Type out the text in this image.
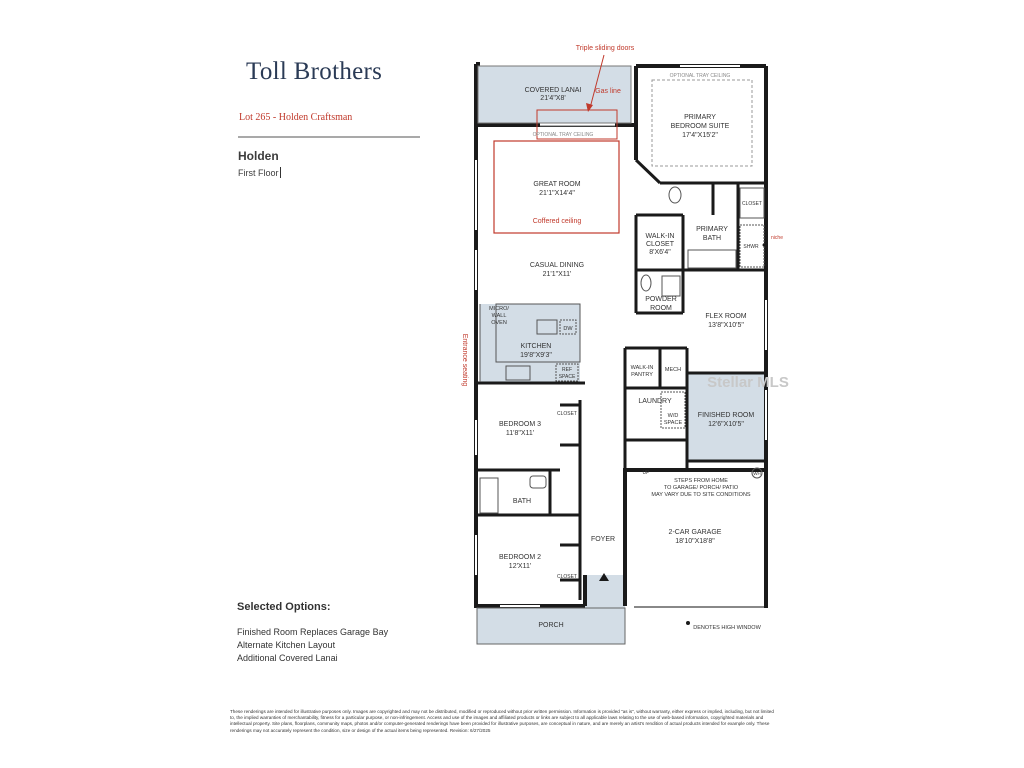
Toll Brothers
Lot 265 - Holden Craftsman
Holden
First Floor
Selected Options:
Finished Room Replaces Garage Bay
Alternate Kitchen Layout
Additional Covered Lanai
These renderings are intended for illustrative purposes only. Images are copyrighted and may not be distributed, modified or reproduced without prior written permission. Information is provided "as is", without warranty, either express or implied, including, but not limited to, the implied warranties of merchantability, fitness for a particular purpose, or non-infringement. Access and use of the images and affiliated products or links are subject to all applicable laws relating to the use of web-based information, copyrighted materials and intellectual property. Site plans, floorplans, community maps, photos and/or computer-generated renderings have been provided for illustrative purposes, are conceptual in nature, and are merely an artist's rendition of actual products intended for example only. These renderings may not accurately represent the condition, size or design of the actual items being represented. Revision: 6/27/2025
Triple sliding doors
Gas line
COVERED LANAI
21'4"X8'
OPTIONAL TRAY CEILING
PRIMARY
BEDROOM SUITE
17'4"X15'2"
OPTIONAL TRAY CEILING
GREAT ROOM
21'1"X14'4"
Coffered ceiling
CLOSET
PRIMARY
BATH
SHWR
niche
WALK-IN
CLOSET
8'X6'4"
CASUAL DINING
21'1"X11'
POWDER
ROOM
MICRO/
WALL
OVEN
DW
KITCHEN
19'8"X9'3"
REF
SPACE
FLEX ROOM
13'8"X10'5"
WALK-IN
PANTRY
MECH
LAUNDRY
W/D
SPACE
FINISHED ROOM
12'6"X10'5"
BEDROOM 3
11'8"X11'
CLOSET
UP	WH
STEPS FROM HOME
TO GARAGE/ PORCH/ PATIO
MAY VARY DUE TO SITE CONDITIONS
BATH
2-CAR GARAGE
18'10"X18'8"
FOYER
BEDROOM 2
12'X11'
CLOSET
PORCH	DENOTES HIGH WINDOW
Stellar MLS
Entrance seating
